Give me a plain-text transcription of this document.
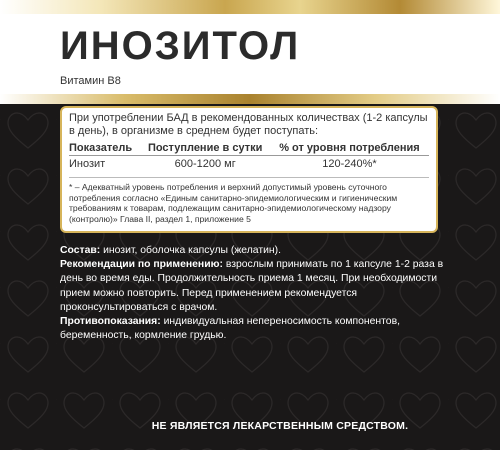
ИНОЗИТОЛ
Витамин B8
При употреблении БАД в рекомендованных количествах (1-2 капсулы в день), в организме в среднем будет поступать:
Показатель	Поступление в сутки	% от уровня потребления
Инозит	600-1200 мг	120-240%*
* – Адекватный уровень потребления и верхний допустимый уровень суточного потребления согласно «Единым санитарно-эпидемиологическим и гигиеническим требованиям к товарам, подлежащим санитарно-эпидемиологическому надзору (контролю)» Глава II, раздел 1, приложение 5

Состав: инозит, оболочка капсулы (желатин).

Рекомендации по применению: взрослым принимать по 1 капсуле 1-2 раза в день во время еды. Продолжительность приема 1 месяц. При необходимости прием можно повторить. Перед применением рекомендуется проконсультироваться с врачом.

Противопоказания: индивидуальная непереносимость компонентов, беременность, кормление грудью.

НЕ ЯВЛЯЕТСЯ ЛЕКАРСТВЕННЫМ СРЕДСТВОМ.
